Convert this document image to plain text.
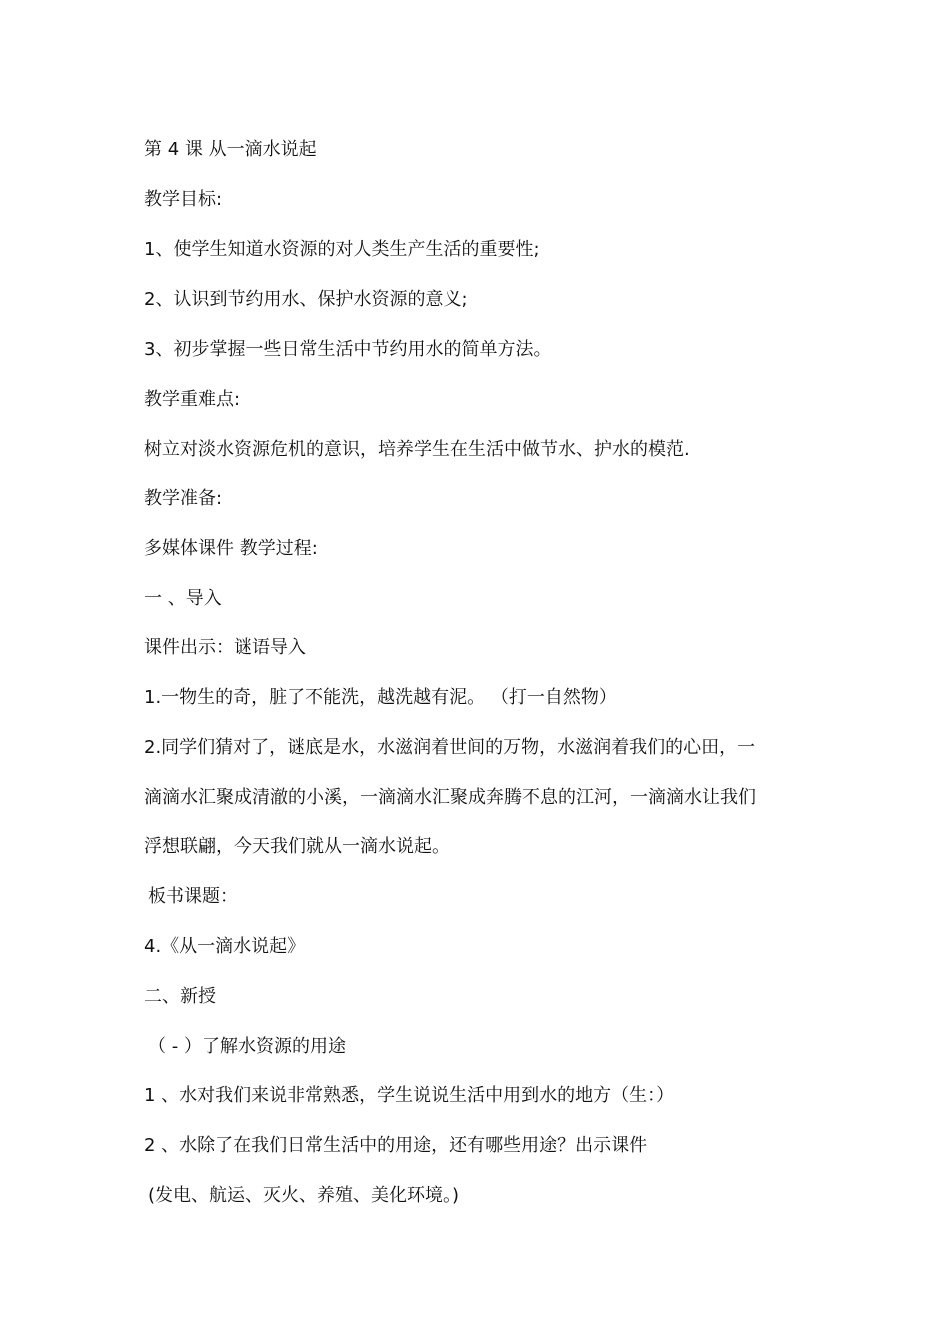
第 4 课 从一滴水说起
教学目标:
1、使学生知道水资源的对人类生产生活的重要性;
2、认识到节约用水、保护水资源的意义;
3、初步掌握一些日常生活中节约用水的简单方法。
教学重难点:
树立对淡水资源危机的意识，培养学生在生活中做节水、护水的模范.
教学准备:
多媒体课件 教学过程:
一 、导入
课件出示：谜语导入
1.一物生的奇，脏了不能洗，越洗越有泥。 （打一自然物）
2.同学们猜对了，谜底是水，水滋润着世间的万物，水滋润着我们的心田，一
滴滴水汇聚成清澈的小溪，一滴滴水汇聚成奔腾不息的江河，一滴滴水让我们
浮想联翩，今天我们就从一滴水说起。
板书课题：
4.《从一滴水说起》
二、新授
（ - ）了解水资源的用途
1 、水对我们来说非常熟悉，学生说说生活中用到水的地方（生：）
2 、水除了在我们日常生活中的用途，还有哪些用途？出示课件
(发电、航运、灭火、养殖、美化环境。)
